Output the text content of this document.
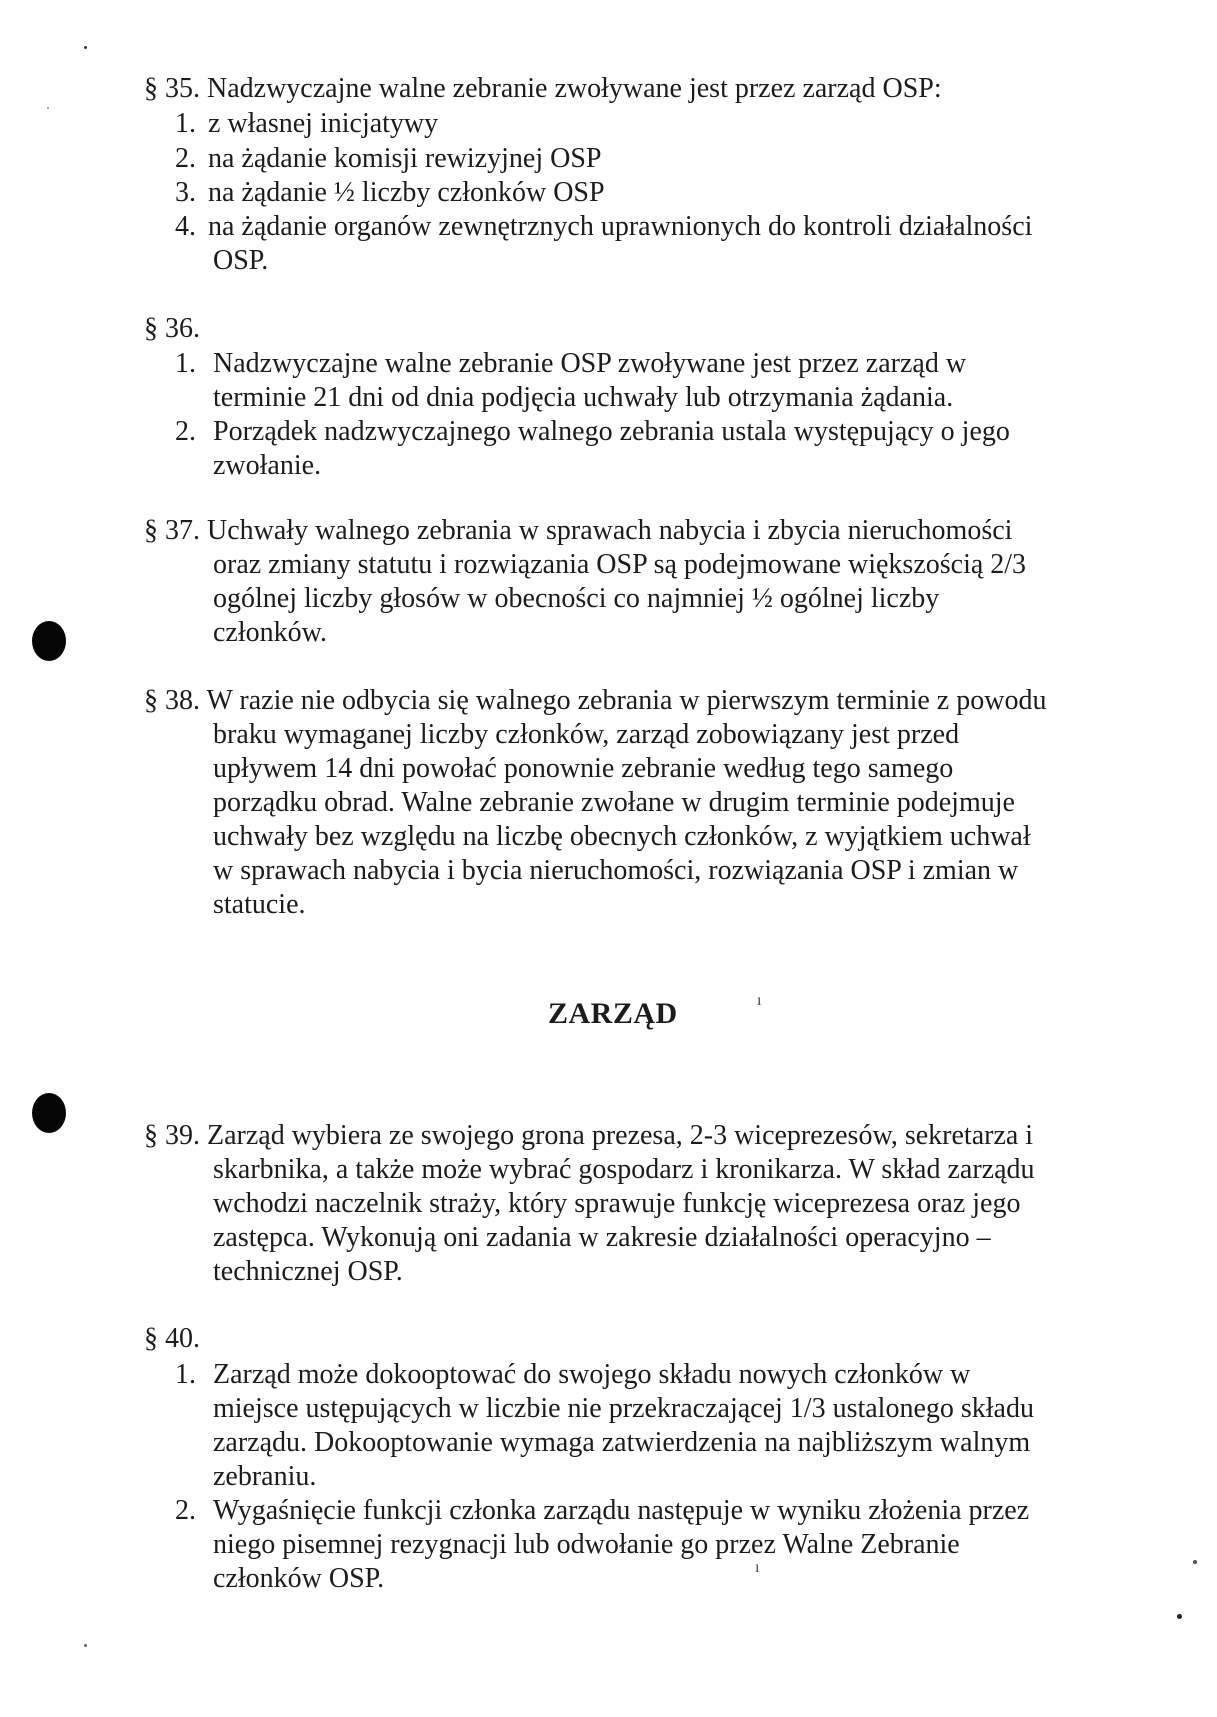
ı
ı

§ 35. Nadzwyczajne walne zebranie zwoływane jest przez zarząd OSP:

1. z własnej inicjatywy

2. na żądanie komisji rewizyjnej OSP

3. na żądanie ½ liczby członków OSP

4. na żądanie organów zewnętrznych uprawnionych do kontroli działalności

OSP.

§ 36.

1. Nadzwyczajne walne zebranie OSP zwoływane jest przez zarząd w

terminie 21 dni od dnia podjęcia uchwały lub otrzymania żądania.

2. Porządek nadzwyczajnego walnego zebrania ustala występujący o jego

zwołanie.

§ 37. Uchwały walnego zebrania w sprawach nabycia i zbycia nieruchomości

oraz zmiany statutu i rozwiązania OSP są podejmowane większością 2/3

ogólnej liczby głosów w obecności co najmniej ½ ogólnej liczby

członków.

§ 38. W razie nie odbycia się walnego zebrania w pierwszym terminie z powodu

braku wymaganej liczby członków, zarząd zobowiązany jest przed

upływem 14 dni powołać ponownie zebranie według tego samego

porządku obrad. Walne zebranie zwołane w drugim terminie podejmuje

uchwały bez względu na liczbę obecnych członków, z wyjątkiem uchwał

w sprawach nabycia i bycia nieruchomości, rozwiązania OSP i zmian w

statucie.

ZARZĄD

§ 39. Zarząd wybiera ze swojego grona prezesa, 2-3 wiceprezesów, sekretarza i

skarbnika, a także może wybrać gospodarz i kronikarza. W skład zarządu

wchodzi naczelnik straży, który sprawuje funkcję wiceprezesa oraz jego

zastępca. Wykonują oni zadania w zakresie działalności operacyjno –

technicznej OSP.

§ 40.

1. Zarząd może dokooptować do swojego składu nowych członków w

miejsce ustępujących w liczbie nie przekraczającej 1/3 ustalonego składu

zarządu. Dokooptowanie wymaga zatwierdzenia na najbliższym walnym

zebraniu.

2. Wygaśnięcie funkcji członka zarządu następuje w wyniku złożenia przez

niego pisemnej rezygnacji lub odwołanie go przez Walne Zebranie

członków OSP.
